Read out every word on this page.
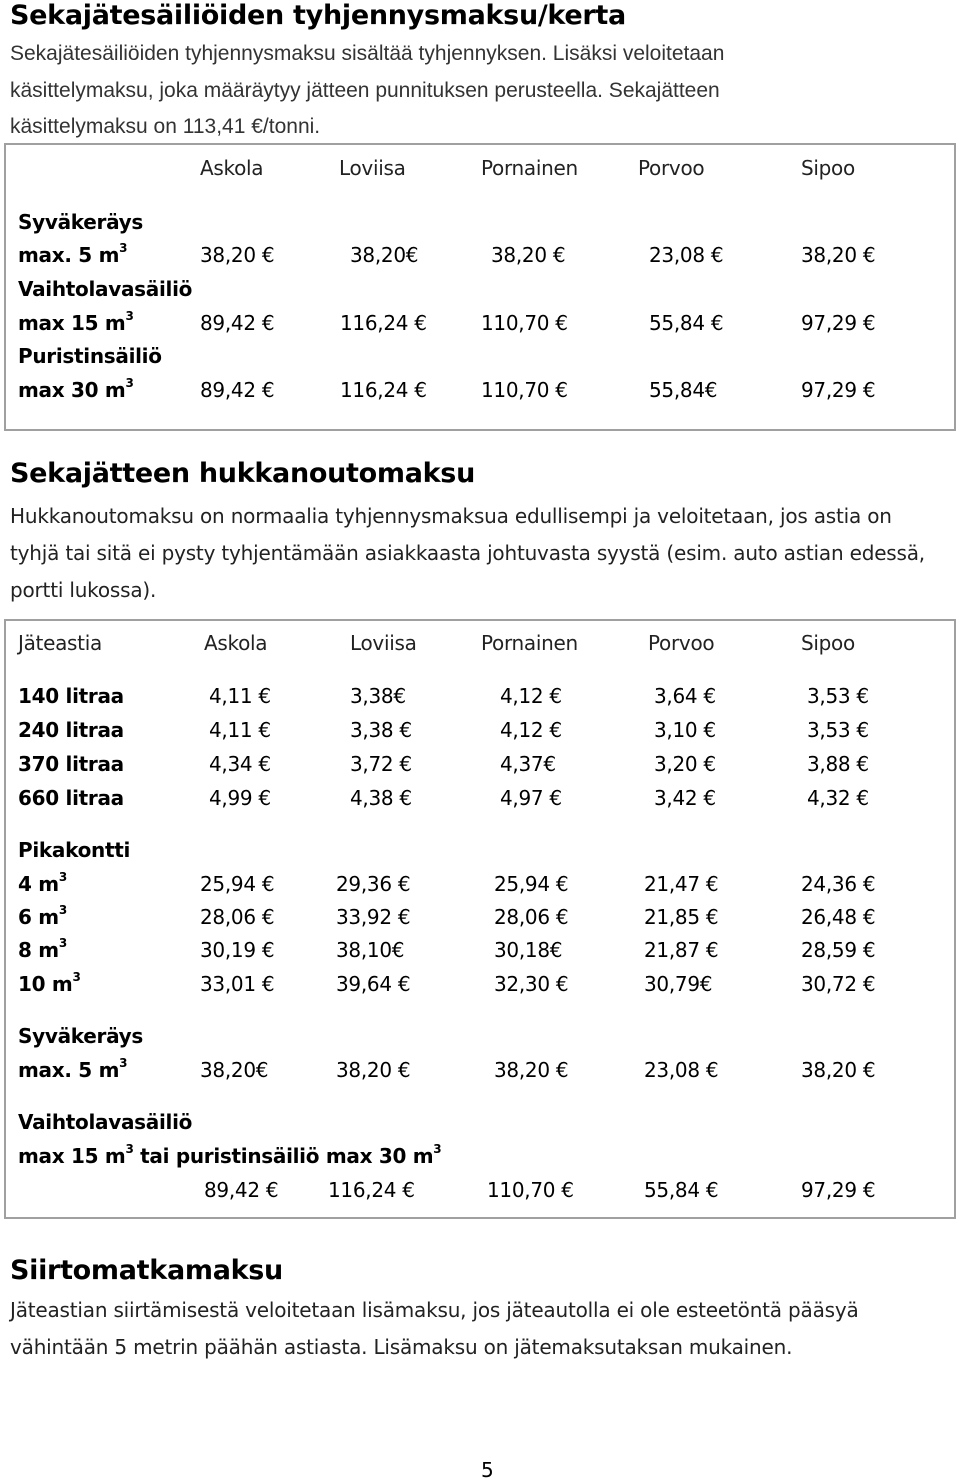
Sekajätesäiliöiden tyhjennysmaksu/kerta
Sekajätesäiliöiden tyhjennysmaksu sisältää tyhjennyksen. Lisäksi veloitetaan
käsittelymaksu, joka määräytyy jätteen punnituksen perusteella. Sekajätteen
käsittelymaksu on 113,41 €/tonni.
Askola	Loviisa	Pornainen	Porvoo	Sipoo
Syväkeräys
max. 5 $m^3$	38,20 €	38,20€	38,20 €	23,08 €	38,20 €
Vaihtolavasäiliö
max 15 $m^3$	89,42 €	116,24 €	110,70 €	55,84 €	97,29 €
Puristinsäiliö
max 30 $m^3$	89,42 €	116,24 €	110,70 €	55,84€	97,29 €
Sekajätteen hukkanoutomaksu
Hukkanoutomaksu on normaalia tyhjennysmaksua edullisempi ja veloitetaan, jos astia on
tyhjä tai sitä ei pysty tyhjentämään asiakkaasta johtuvasta syystä (esim. auto astian edessä,
portti lukossa).
Jäteastia	Askola	Loviisa	Pornainen	Porvoo	Sipoo
140 litraa	4,11 €	3,38€	4,12 €	3,64 €	3,53 €
240 litraa	4,11 €	3,38 €	4,12 €	3,10 €	3,53 €
370 litraa	4,34 €	3,72 €	4,37€	3,20 €	3,88 €
660 litraa	4,99 €	4,38 €	4,97 €	3,42 €	4,32 €
Pikakontti
4 $m^3$	25,94 €	29,36 €	25,94 €	21,47 €	24,36 €
6 $m^3$	28,06 €	33,92 €	28,06 €	21,85 €	26,48 €
8 $m^3$	30,19 €	38,10€	30,18€	21,87 €	28,59 €
10 $m^3$	33,01 €	39,64 €	32,30 €	30,79€	30,72 €
Syväkeräys
max. 5 $m^3$	38,20€	38,20 €	38,20 €	23,08 €	38,20 €
Vaihtolavasäiliö
max 15 $m^3$ tai puristinsäiliö max 30 $m^3$
89,42 € 116,24 €	110,70 €	55,84 €	97,29 €
Siirtomatkamaksu
Jäteastian siirtämisestä veloitetaan lisämaksu, jos jäteautolla ei ole esteetöntä pääsyä
vähintään 5 metrin päähän astiasta. Lisämaksu on jätemaksutaksan mukainen.
5
